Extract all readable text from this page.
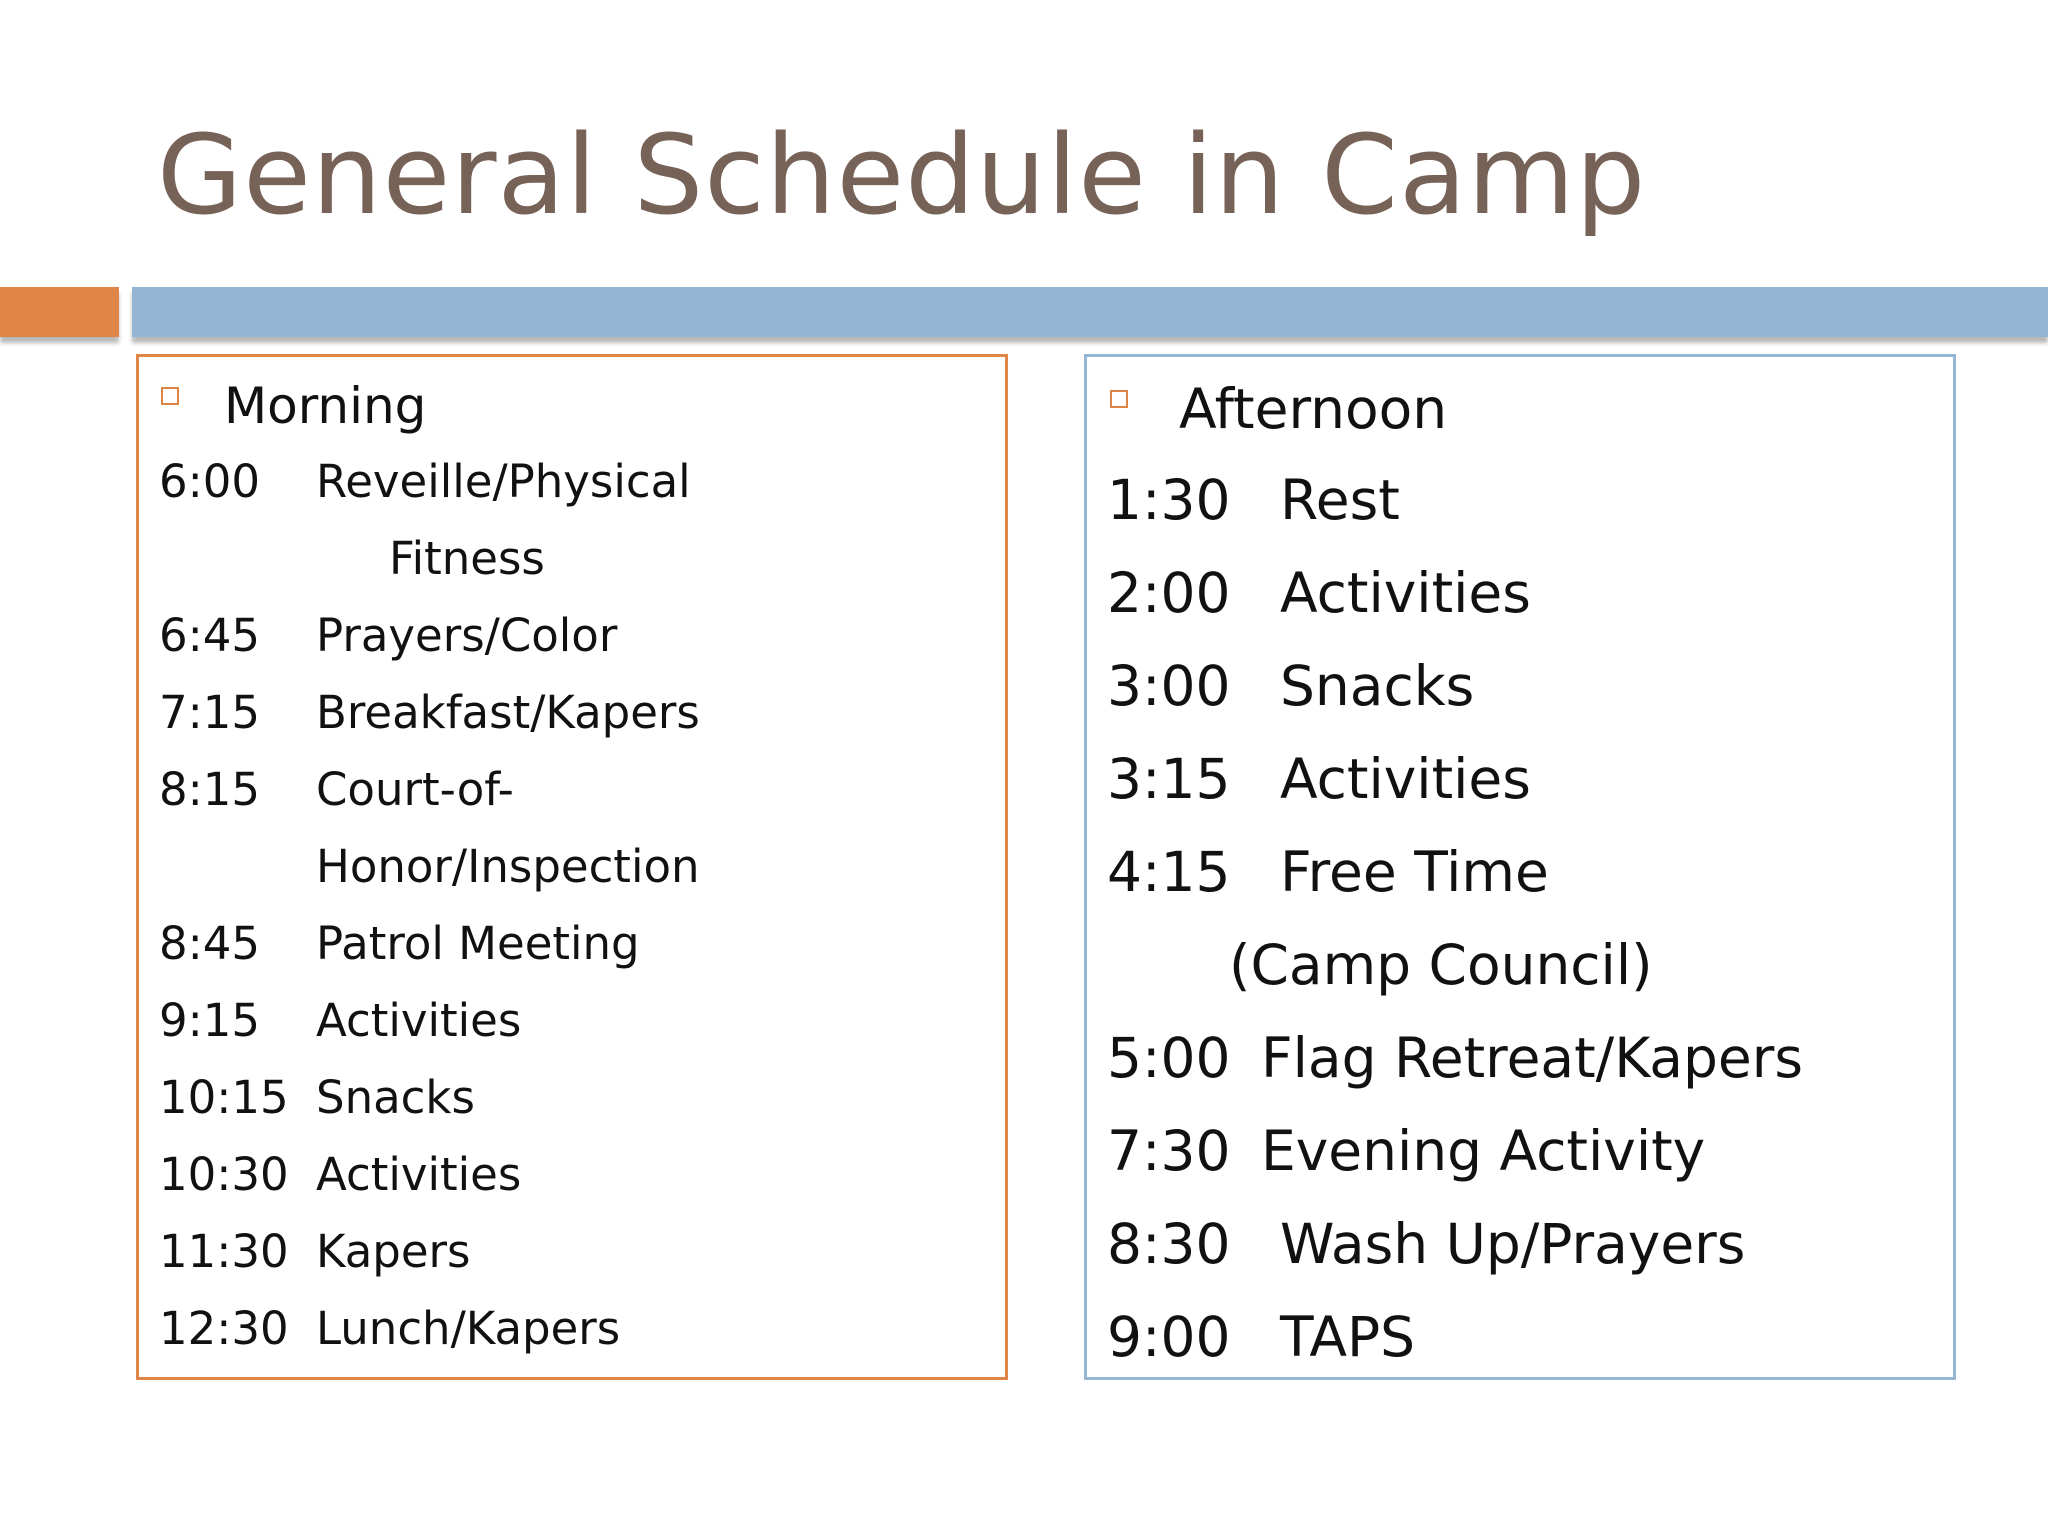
General Schedule in Camp
Morning
6:00 Reveille/Physical
Fitness
6:45 Prayers/Color
7:15 Breakfast/Kapers
8:15 Court-of-
Honor/Inspection
8:45 Patrol Meeting
9:15 Activities
10:15 Snacks
10:30 Activities
11:30 Kapers
12:30 Lunch/Kapers
Afternoon
1:30 Rest
2:00 Activities
3:00 Snacks
3:15 Activities
4:15 Free Time
(Camp Council)
5:00 Flag Retreat/Kapers
7:30 Evening Activity
8:30 Wash Up/Prayers
9:00 TAPS
